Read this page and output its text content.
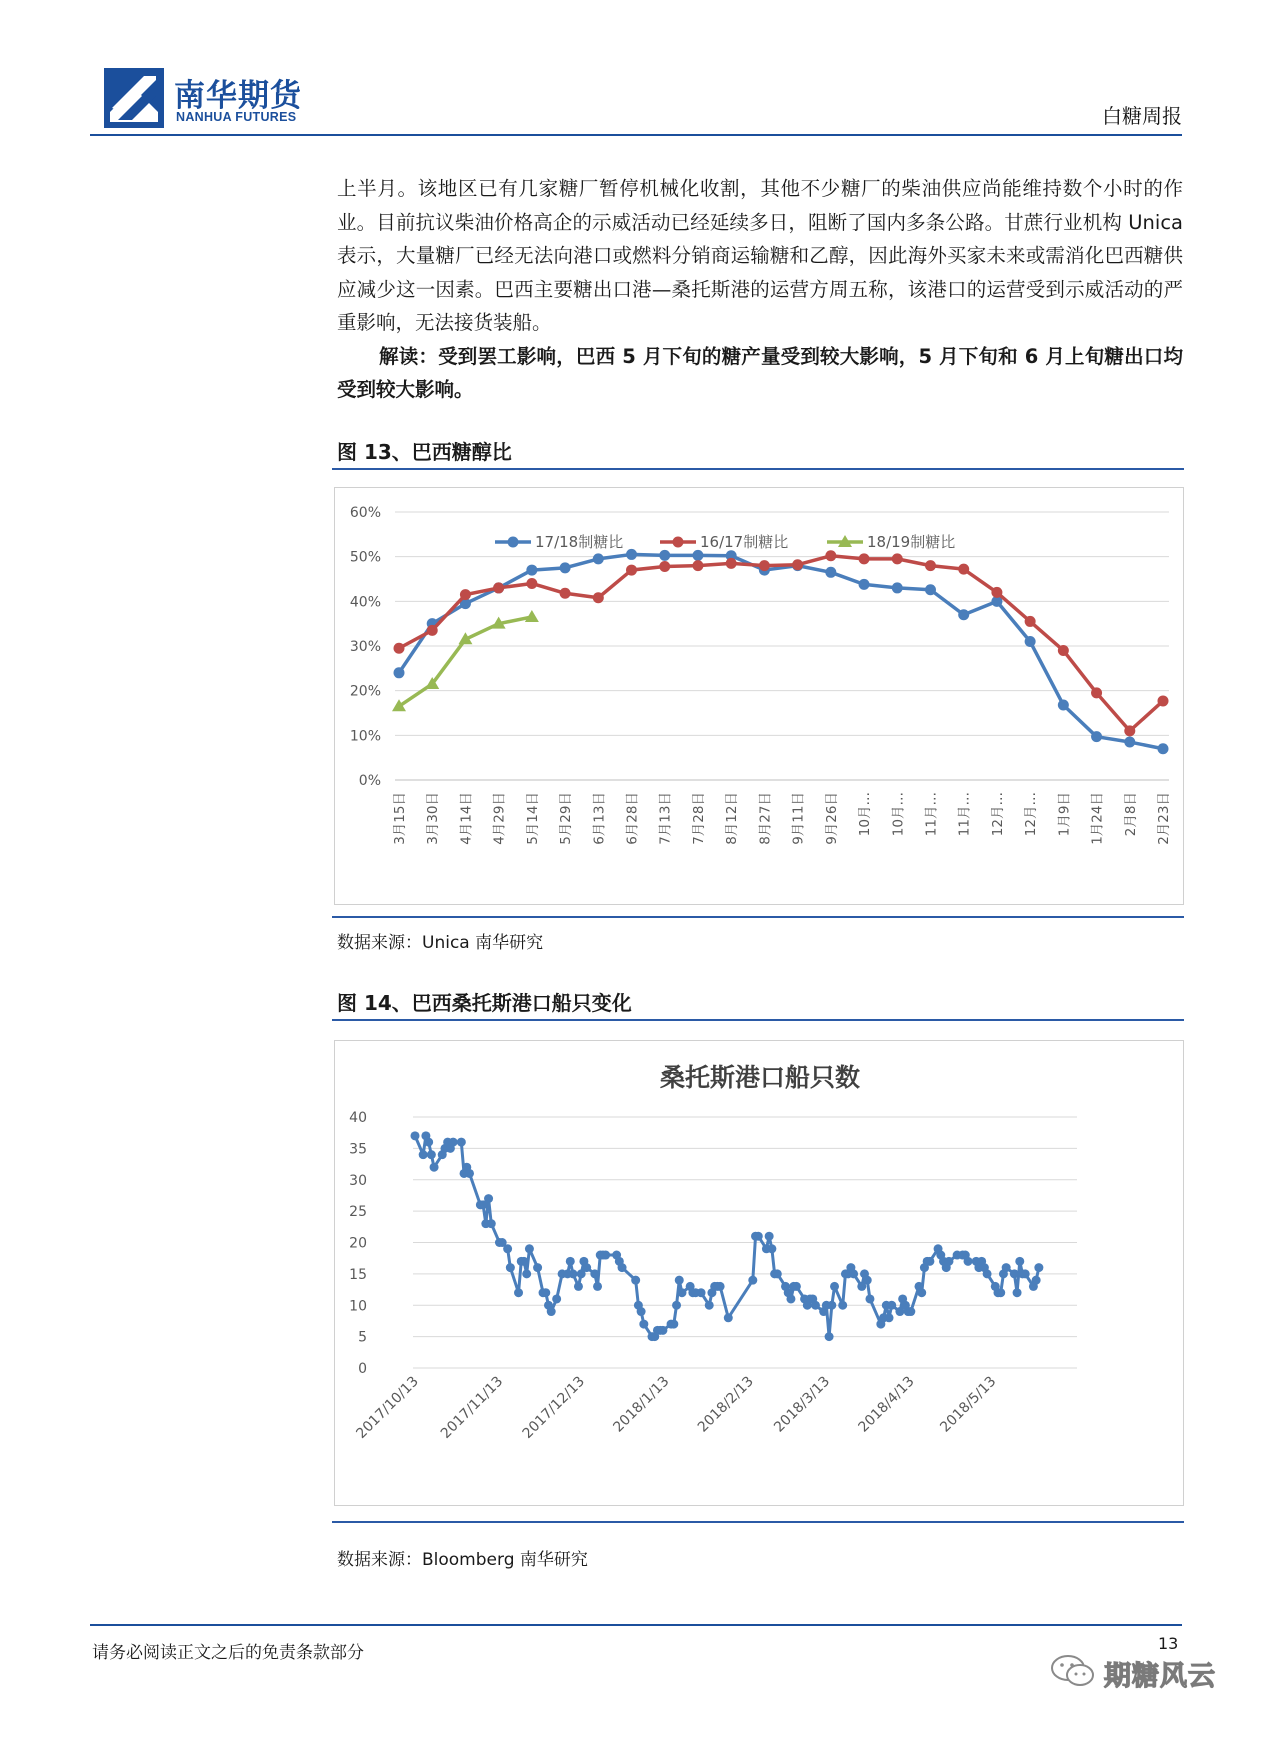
南华期货
NANHUA FUTURES	白糖周报

上半月。该地区已有几家糖厂暂停机械化收割，其他不少糖厂的柴油供应尚能维持数个小时的作业。目前抗议柴油价格高企的示威活动已经延续多日，阻断了国内多条公路。甘蔗行业机构 Unica 表示，大量糖厂已经无法向港口或燃料分销商运输糖和乙醇，因此海外买家未来或需消化巴西糖供应减少这一因素。巴西主要糖出口港—桑托斯港的运营方周五称，该港口的运营受到示威活动的严重影响，无法接货装船。

解读：受到罢工影响，巴西 5 月下旬的糖产量受到较大影响，5 月下旬和 6 月上旬糖出口均受到较大影响。

图 13、巴西糖醇比
0%
10%
20%
30%
40%
50%
60%
3月15日 3月30日 4月14日 4月29日 5月14日 5月29日 6月13日 6月28日 7月13日 7月28日 8月12日 8月27日 9月11日 9月26日 10月… 10月… 11月… 11月… 12月… 12月… 1月9日 1月24日 2月8日 2月23日
17/18制糖比	16/17制糖比	18/19制糖比
数据来源：Unica 南华研究
图 14、巴西桑托斯港口船只变化
桑托斯港口船只数
0
5
10
15
20
25
30
35
40
2017/10/13 2017/11/13 2017/12/13 2018/1/13 2018/2/13 2018/3/13 2018/4/13 2018/5/13
数据来源：Bloomberg 南华研究
请务必阅读正文之后的免责条款部分	13
期糖风云
